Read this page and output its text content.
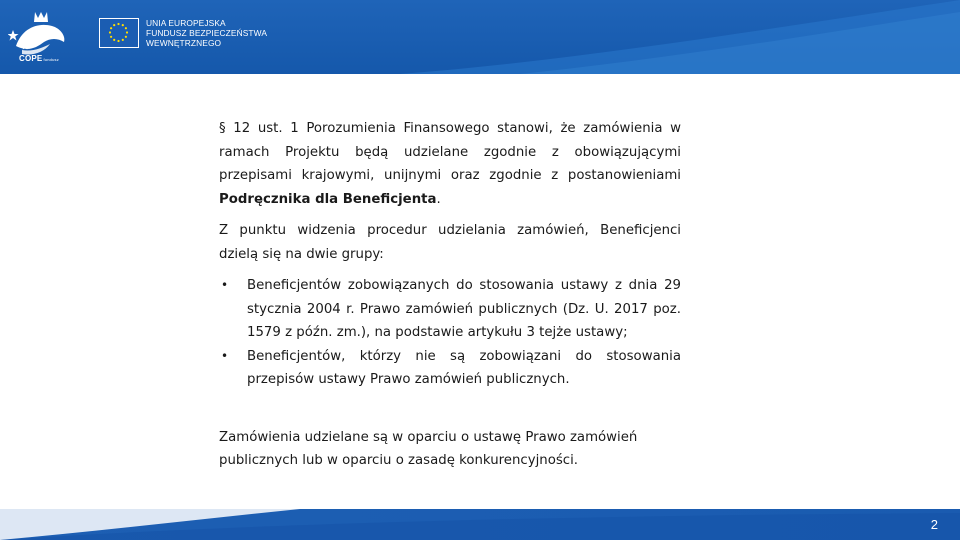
COPEfundusz
UNIA EUROPEJSKA
FUNDUSZ BEZPIECZEŃSTWA
WEWNĘTRZNEGO

§ 12 ust. 1 Porozumienia Finansowego stanowi, że zamówienia w ramach Projektu będą udzielane zgodnie z obowiązującymi przepisami krajowymi, unijnymi oraz zgodnie z postanowieniami Podręcznika dla Beneficjenta.

Z punktu widzenia procedur udzielania zamówień, Beneficjenci dzielą się na dwie grupy:

• Beneficjentów zobowiązanych do stosowania ustawy z dnia 29 stycznia 2004 r. Prawo zamówień publicznych (Dz. U. 2017 poz. 1579 z późn. zm.), na podstawie artykułu 3 tejże ustawy;
• Beneficjentów, którzy nie są zobowiązani do stosowania przepisów ustawy Prawo zamówień publicznych.

Zamówienia udzielane są w oparciu o ustawę Prawo zamówień publicznych lub w oparciu o zasadę konkurencyjności.

2
